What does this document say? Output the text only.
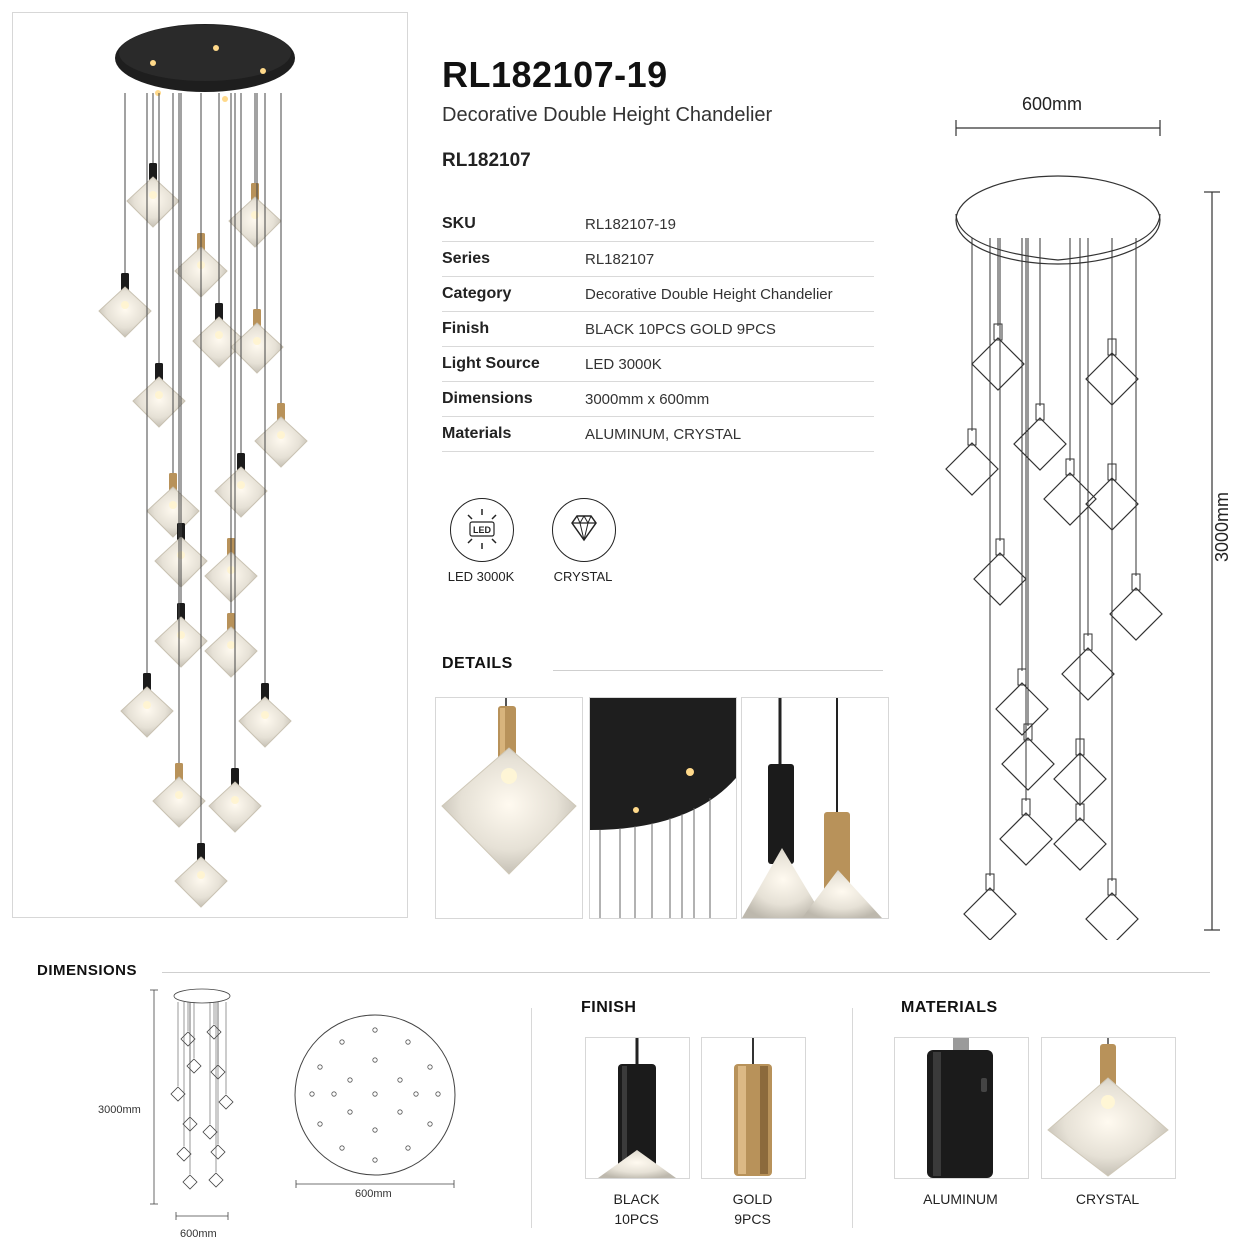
RL182107-19
Decorative Double Height Chandelier
RL182107
SKU	RL182107-19
Series	RL182107
Category	Decorative Double Height Chandelier
Finish	BLACK 10PCS GOLD 9PCS
Light Source	LED 3000K
Dimensions	3000mm x 600mm
Materials	ALUMINUM, CRYSTAL
LED
LED 3000K	CRYSTAL
DETAILS
600mm
3000mm
DIMENSIONS
3000mm
600mm
600mm
FINISH
BLACK
10PCS
GOLD
9PCS
MATERIALS
ALUMINUM	CRYSTAL
